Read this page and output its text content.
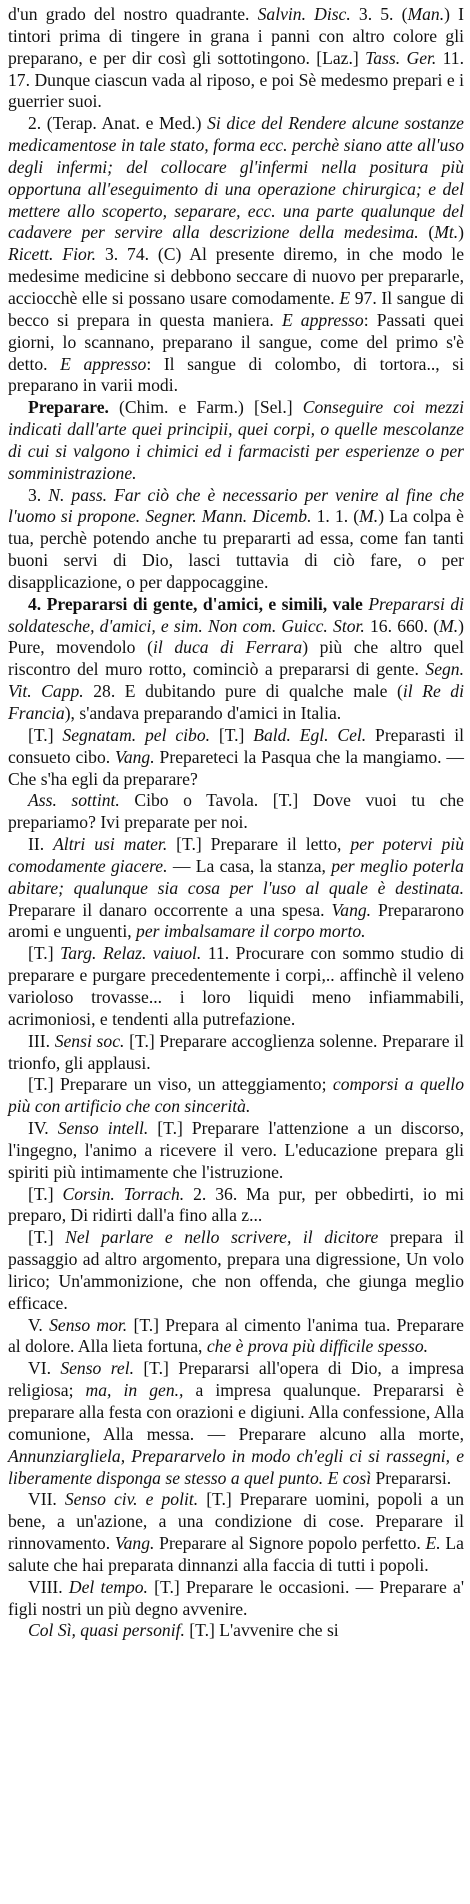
d'un grado del nostro quadrante. Salvin. Disc. 3. 5. (Man.) I tintori prima di tingere in grana i panni con altro colore gli preparano, e per dir così gli sottotingono. [Laz.] Tass. Ger. 11. 17. Dunque ciascun vada al riposo, e poi Sè medesmo prepari e i guerrier suoi.
2. (Terap. Anat. e Med.) Si dice del Rendere alcune sostanze medicamentose in tale stato, forma ecc. perchè siano atte all'uso degli infermi; del collocare gl'infermi nella positura più opportuna all'eseguimento di una operazione chirurgica; e del mettere allo scoperto, separare, ecc. una parte qualunque del cadavere per servire alla descrizione della medesima. (Mt.) Ricett. Fior. 3. 74. (C) Al presente diremo, in che modo le medesime medicine si debbono seccare di nuovo per prepararle, acciocchè elle si possano usare comodamente. E 97. Il sangue di becco si prepara in questa maniera. E appresso: Passati quei giorni, lo scannano, preparano il sangue, come del primo s'è detto. E appresso: Il sangue di colombo, di tortora.., si preparano in varii modi.
Preparare. (Chim. e Farm.) [Sel.] Conseguire coi mezzi indicati dall'arte quei principii, quei corpi, o quelle mescolanze di cui si valgono i chimici ed i farmacisti per esperienze o per somministrazione.
3. N. pass. Far ciò che è necessario per venire al fine che l'uomo si propone. Segner. Mann. Dicemb. 1. 1. (M.) La colpa è tua, perchè potendo anche tu prepararti ad essa, come fan tanti buoni servi di Dio, lasci tuttavia di ciò fare, o per disapplicazione, o per dappocaggine.
4. Prepararsi di gente, d'amici, e simili, vale Prepararsi di soldatesche, d'amici, e sim. Non com. Guicc. Stor. 16. 660. (M.) Pure, movendolo (il duca di Ferrara) più che altro quel riscontro del muro rotto, cominciò a prepararsi di gente. Segn. Vit. Capp. 28. E dubitando pure di qualche male (il Re di Francia), s'andava preparando d'amici in Italia.
[T.] Segnatam. pel cibo. [T.] Bald. Egl. Cel. Preparasti il consueto cibo. Vang. Prepareteci la Pasqua che la mangiamo. — Che s'ha egli da preparare?
Ass. sottint. Cibo o Tavola. [T.] Dove vuoi tu che prepariamo? Ivi preparate per noi.
II. Altri usi mater. [T.] Preparare il letto, per potervi più comodamente giacere. — La casa, la stanza, per meglio poterla abitare; qualunque sia cosa per l'uso al quale è destinata. Preparare il danaro occorrente a una spesa. Vang. Prepararono aromi e unguenti, per imbalsamare il corpo morto.
[T.] Targ. Relaz. vaiuol. 11. Procurare con sommo studio di preparare e purgare precedentemente i corpi,.. affinchè il veleno varioloso trovasse... i loro liquidi meno infiammabili, acrimoniosi, e tendenti alla putrefazione.
III. Sensi soc. [T.] Preparare accoglienza solenne. Preparare il trionfo, gli applausi.
[T.] Preparare un viso, un atteggiamento; comporsi a quello più con artificio che con sincerità.
IV. Senso intell. [T.] Preparare l'attenzione a un discorso, l'ingegno, l'animo a ricevere il vero. L'educazione prepara gli spiriti più intimamente che l'istruzione.
[T.] Corsin. Torrach. 2. 36. Ma pur, per obbedirti, io mi preparo, Di ridirti dall'a fino alla z...
[T.] Nel parlare e nello scrivere, il dicitore prepara il passaggio ad altro argomento, prepara una digressione, Un volo lirico; Un'ammonizione, che non offenda, che giunga meglio efficace.
V. Senso mor. [T.] Prepara al cimento l'anima tua. Preparare al dolore. Alla lieta fortuna, che è prova più difficile spesso.
VI. Senso rel. [T.] Prepararsi all'opera di Dio, a impresa religiosa; ma, in gen., a impresa qualunque. Prepararsi è preparare alla festa con orazioni e digiuni. Alla confessione, Alla comunione, Alla messa. — Preparare alcuno alla morte, Annunziargliela, Prepararvelo in modo ch'egli ci si rassegni, e liberamente disponga se stesso a quel punto. E così Prepararsi.
VII. Senso civ. e polit. [T.] Preparare uomini, popoli a un bene, a un'azione, a una condizione di cose. Preparare il rinnovamento. Vang. Preparare al Signore popolo perfetto. E. La salute che hai preparata dinnanzi alla faccia di tutti i popoli.
VIII. Del tempo. [T.] Preparare le occasioni. — Preparare a' figli nostri un più degno avvenire.
Col Sì, quasi personif. [T.] L'avvenire che si
